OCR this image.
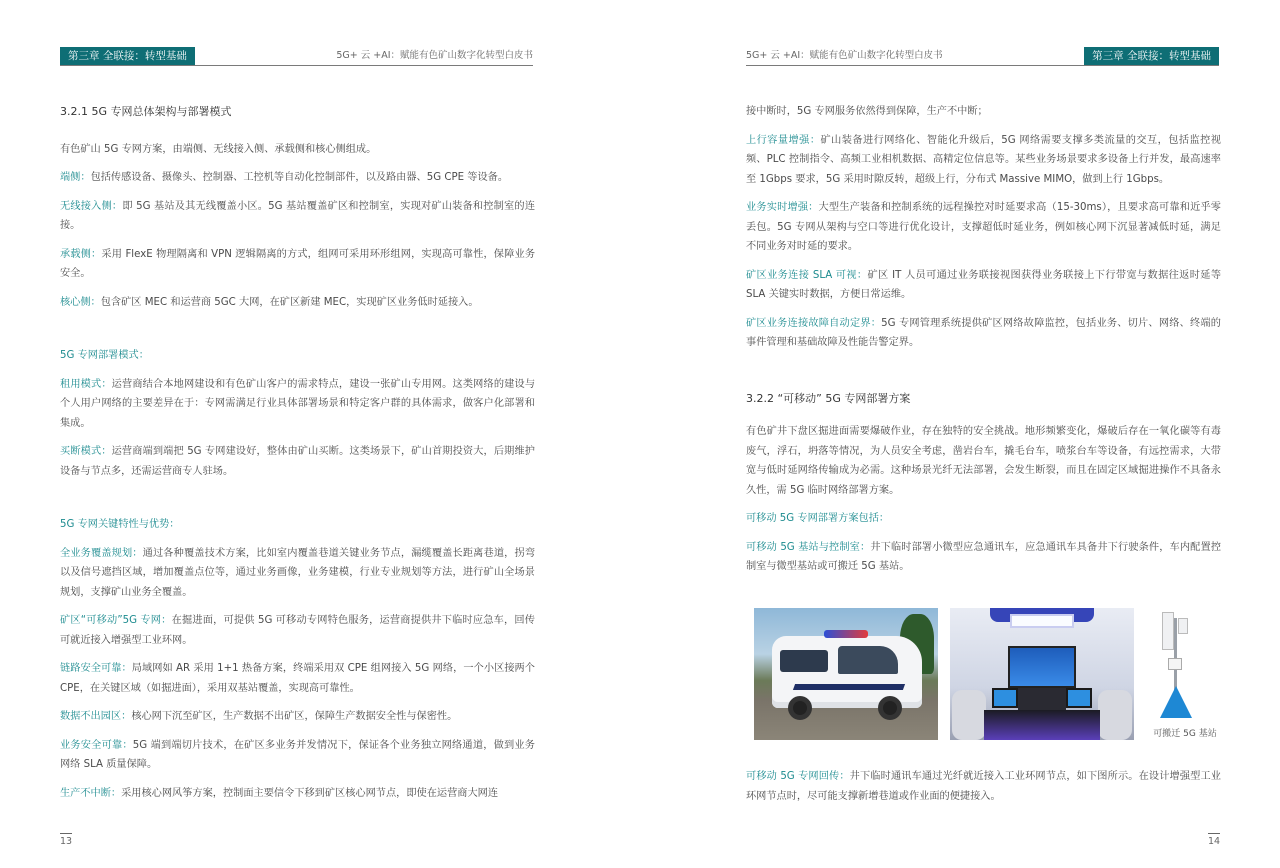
第三章 全联接：转型基础	5G+ 云 +AI：赋能有色矿山数字化转型白皮书

3.2.1 5G 专网总体架构与部署模式

有色矿山 5G 专网方案，由端侧、无线接入侧、承载侧和核心侧组成。

端侧：包括传感设备、摄像头、控制器、工控机等自动化控制部件，以及路由器、5G CPE 等设备。

无线接入侧：即 5G 基站及其无线覆盖小区。5G 基站覆盖矿区和控制室，实现对矿山装备和控制室的连接。

承载侧：采用 FlexE 物理隔离和 VPN 逻辑隔离的方式，组网可采用环形组网，实现高可靠性，保障业务安全。

核心侧：包含矿区 MEC 和运营商 5GC 大网，在矿区新建 MEC，实现矿区业务低时延接入。

5G 专网部署模式：

租用模式：运营商结合本地网建设和有色矿山客户的需求特点，建设一张矿山专用网。这类网络的建设与个人用户网络的主要差异在于：专网需满足行业具体部署场景和特定客户群的具体需求，做客户化部署和集成。

买断模式：运营商端到端把 5G 专网建设好，整体由矿山买断。这类场景下，矿山首期投资大，后期维护设备与节点多，还需运营商专人驻场。

5G 专网关键特性与优势：

全业务覆盖规划：通过各种覆盖技术方案，比如室内覆盖巷道关键业务节点，漏缆覆盖长距离巷道，拐弯以及信号遮挡区域，增加覆盖点位等，通过业务画像，业务建模，行业专业规划等方法，进行矿山全场景规划，支撑矿山业务全覆盖。

矿区“可移动”5G 专网：在掘进面，可提供 5G 可移动专网特色服务，运营商提供井下临时应急车，回传可就近接入增强型工业环网。

链路安全可靠：局域网如 AR 采用 1+1 热备方案，终端采用双 CPE 组网接入 5G 网络，一个小区接两个 CPE，在关键区域（如掘进面），采用双基站覆盖，实现高可靠性。

数据不出园区：核心网下沉至矿区，生产数据不出矿区，保障生产数据安全性与保密性。

业务安全可靠：5G 端到端切片技术，在矿区多业务并发情况下，保证各个业务独立网络通道，做到业务网络 SLA 质量保障。

生产不中断：采用核心网风筝方案，控制面主要信令下移到矿区核心网节点，即使在运营商大网连

13
5G+ 云 +AI：赋能有色矿山数字化转型白皮书	第三章 全联接：转型基础

接中断时，5G 专网服务依然得到保障，生产不中断；

上行容量增强：矿山装备进行网络化、智能化升级后，5G 网络需要支撑多类流量的交互，包括监控视频、PLC 控制指令、高频工业相机数据、高精定位信息等。某些业务场景要求多设备上行并发，最高速率至 1Gbps 要求，5G 采用时隙反转，超级上行，分布式 Massive MIMO，做到上行 1Gbps。

业务实时增强：大型生产装备和控制系统的远程操控对时延要求高（15-30ms），且要求高可靠和近乎零丢包。5G 专网从架构与空口等进行优化设计，支撑超低时延业务，例如核心网下沉显著减低时延，满足不同业务对时延的要求。

矿区业务连接 SLA 可视：矿区 IT 人员可通过业务联接视图获得业务联接上下行带宽与数据往返时延等 SLA 关键实时数据，方便日常运维。

矿区业务连接故障自动定界：5G 专网管理系统提供矿区网络故障监控，包括业务、切片、网络、终端的事件管理和基础故障及性能告警定界。

3.2.2 “可移动” 5G 专网部署方案

有色矿井下盘区掘进面需要爆破作业，存在独特的安全挑战。地形频繁变化，爆破后存在一氧化碳等有毒废气，浮石，坍落等情况，为人员安全考虑，凿岩台车，撬毛台车，喷浆台车等设备，有远控需求，大带宽与低时延网络传输成为必需。这种场景光纤无法部署，会发生断裂，而且在固定区域掘进操作不具备永久性，需 5G 临时网络部署方案。

可移动 5G 专网部署方案包括：

可移动 5G 基站与控制室：井下临时部署小微型应急通讯车，应急通讯车具备井下行驶条件，车内配置控制室与微型基站或可搬迁 5G 基站。

可搬迁 5G 基站

可移动 5G 专网回传：井下临时通讯车通过光纤就近接入工业环网节点，如下图所示。在设计增强型工业环网节点时，尽可能支撑新增巷道或作业面的便捷接入。

14
